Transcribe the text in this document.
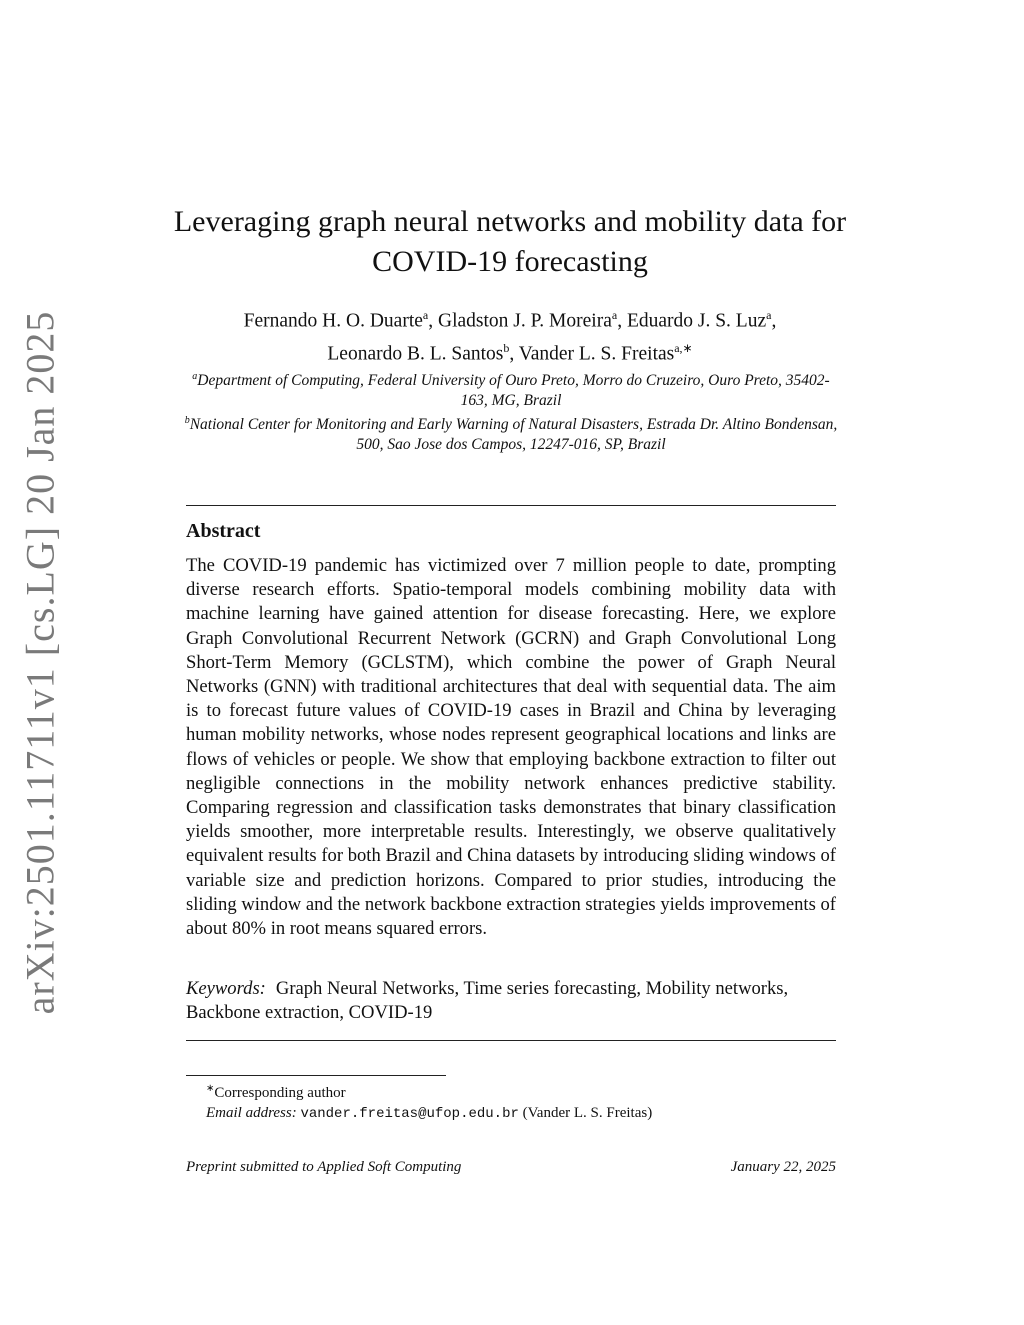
arXiv:2501.11711v1 [cs.LG] 20 Jan 2025
Leveraging graph neural networks and mobility data for COVID-19 forecasting
Fernando H. O. Duarte$^a$, Gladston J. P. Moreira$^a$, Eduardo J. S. Luz$^a$,
Leonardo B. L. Santos$^b$, Vander L. S. Freitas$^{a,∗}$

$^a$Department of Computing, Federal University of Ouro Preto, Morro do Cruzeiro, Ouro Preto, 35402-163, MG, Brazil

$^b$National Center for Monitoring and Early Warning of Natural Disasters, Estrada Dr. Altino Bondensan, 500, Sao Jose dos Campos, 12247-016, SP, Brazil

Abstract

The COVID-19 pandemic has victimized over 7 million people to date, prompting diverse research efforts. Spatio-temporal models combining mobility data with machine learning have gained attention for disease forecasting. Here, we explore Graph Convolutional Recurrent Network (GCRN) and Graph Convolutional Long Short-Term Memory (GCLSTM), which combine the power of Graph Neural Networks (GNN) with traditional architectures that deal with sequential data. The aim is to forecast future values of COVID-19 cases in Brazil and China by leveraging human mobility networks, whose nodes represent geographical locations and links are flows of vehicles or people. We show that employing backbone extraction to filter out negligible connections in the mobility network enhances predictive stability. Comparing regression and classification tasks demonstrates that binary classification yields smoother, more interpretable results. Interestingly, we observe qualitatively equivalent results for both Brazil and China datasets by introducing sliding windows of variable size and prediction horizons. Compared to prior studies, introducing the sliding window and the network backbone extraction strategies yields improvements of about 80% in root means squared errors.

Keywords: Graph Neural Networks, Time series forecasting, Mobility networks, Backbone extraction, COVID-19
∗Corresponding author
Email address: vander.freitas@ufop.edu.br (Vander L. S. Freitas)
Preprint submitted to Applied Soft Computing	January 22, 2025
